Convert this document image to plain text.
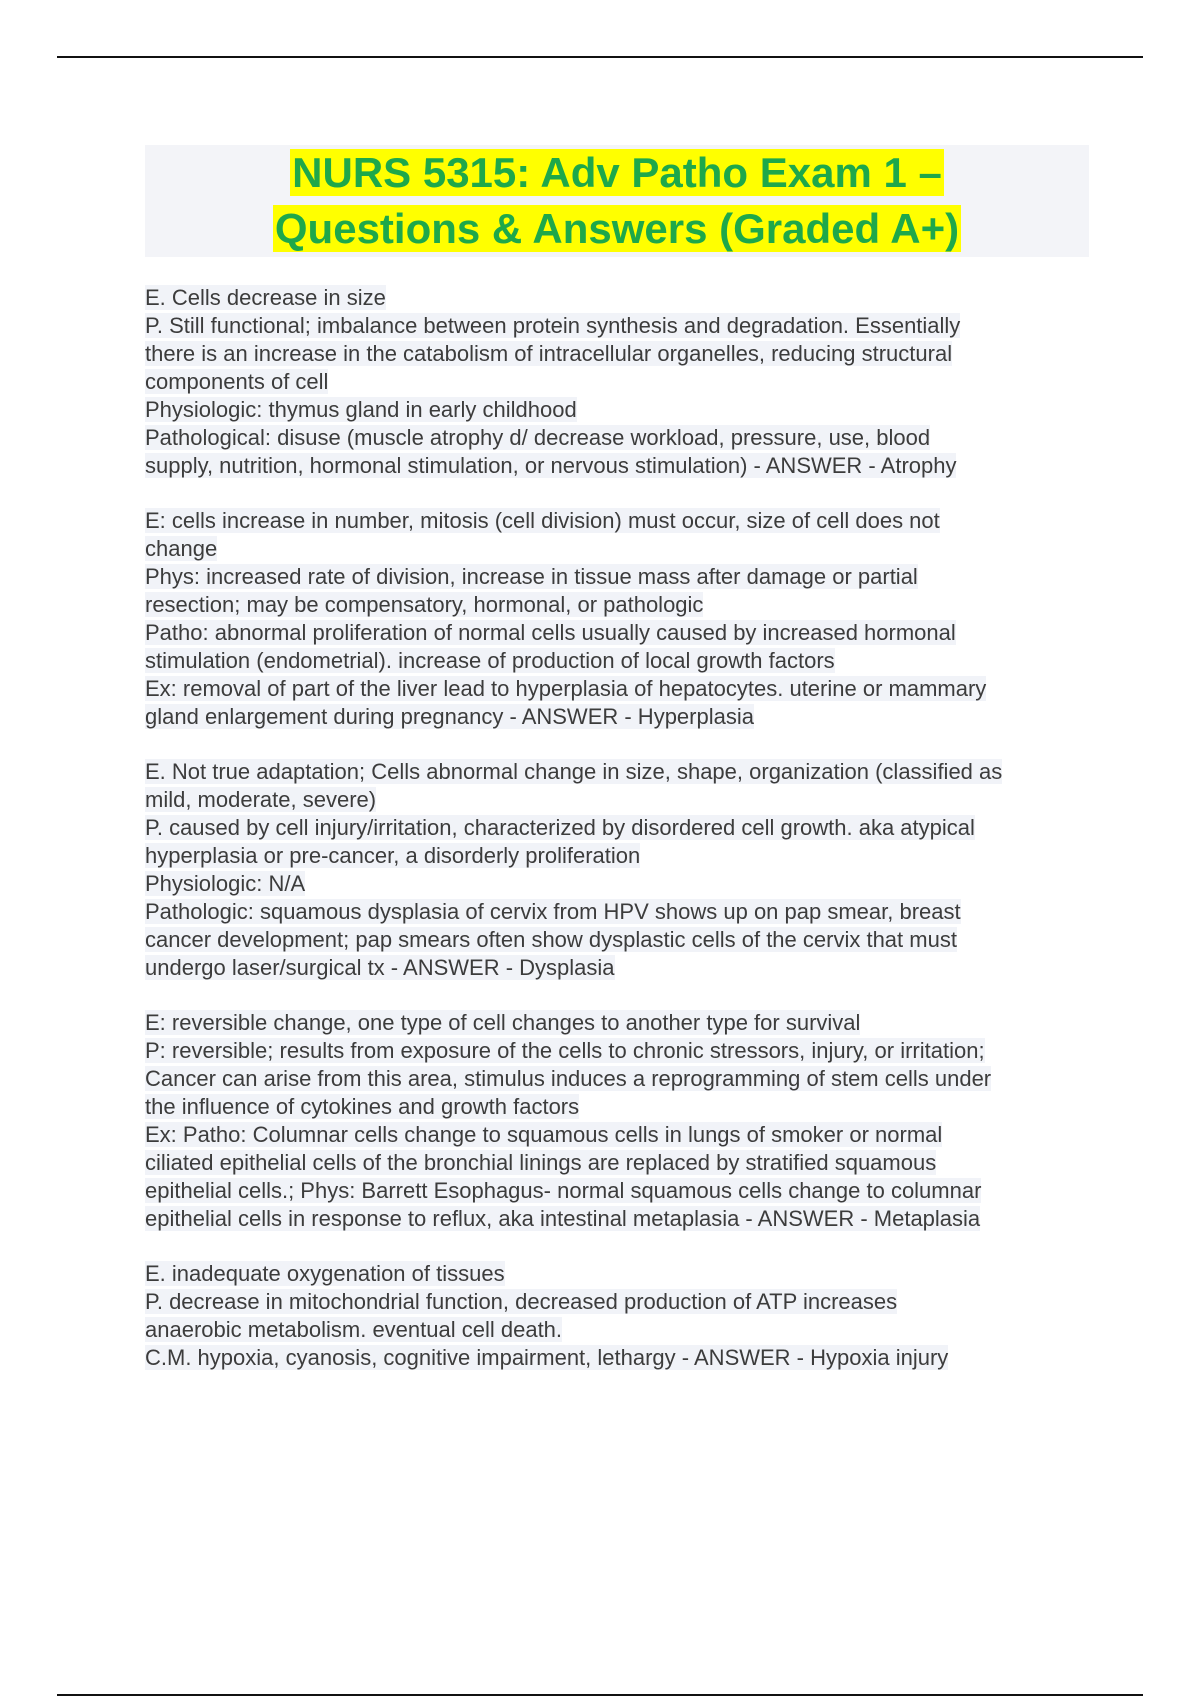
NURS 5315: Adv Patho Exam 1 –
Questions & Answers (Graded A+)
E. Cells decrease in size
P. Still functional; imbalance between protein synthesis and degradation. Essentially
there is an increase in the catabolism of intracellular organelles, reducing structural
components of cell
Physiologic: thymus gland in early childhood
Pathological: disuse (muscle atrophy d/ decrease workload, pressure, use, blood
supply, nutrition, hormonal stimulation, or nervous stimulation) - ANSWER - Atrophy
E: cells increase in number, mitosis (cell division) must occur, size of cell does not
change
Phys: increased rate of division, increase in tissue mass after damage or partial
resection; may be compensatory, hormonal, or pathologic
Patho: abnormal proliferation of normal cells usually caused by increased hormonal
stimulation (endometrial). increase of production of local growth factors
Ex: removal of part of the liver lead to hyperplasia of hepatocytes. uterine or mammary
gland enlargement during pregnancy - ANSWER - Hyperplasia
E. Not true adaptation; Cells abnormal change in size, shape, organization (classified as
mild, moderate, severe)
P. caused by cell injury/irritation, characterized by disordered cell growth. aka atypical
hyperplasia or pre-cancer, a disorderly proliferation
Physiologic: N/A
Pathologic: squamous dysplasia of cervix from HPV shows up on pap smear, breast
cancer development; pap smears often show dysplastic cells of the cervix that must
undergo laser/surgical tx - ANSWER - Dysplasia
E: reversible change, one type of cell changes to another type for survival
P: reversible; results from exposure of the cells to chronic stressors, injury, or irritation;
Cancer can arise from this area, stimulus induces a reprogramming of stem cells under
the influence of cytokines and growth factors
Ex: Patho: Columnar cells change to squamous cells in lungs of smoker or normal
ciliated epithelial cells of the bronchial linings are replaced by stratified squamous
epithelial cells.; Phys: Barrett Esophagus- normal squamous cells change to columnar
epithelial cells in response to reflux, aka intestinal metaplasia - ANSWER - Metaplasia
E. inadequate oxygenation of tissues
P. decrease in mitochondrial function, decreased production of ATP increases
anaerobic metabolism. eventual cell death.
C.M. hypoxia, cyanosis, cognitive impairment, lethargy - ANSWER - Hypoxia injury
